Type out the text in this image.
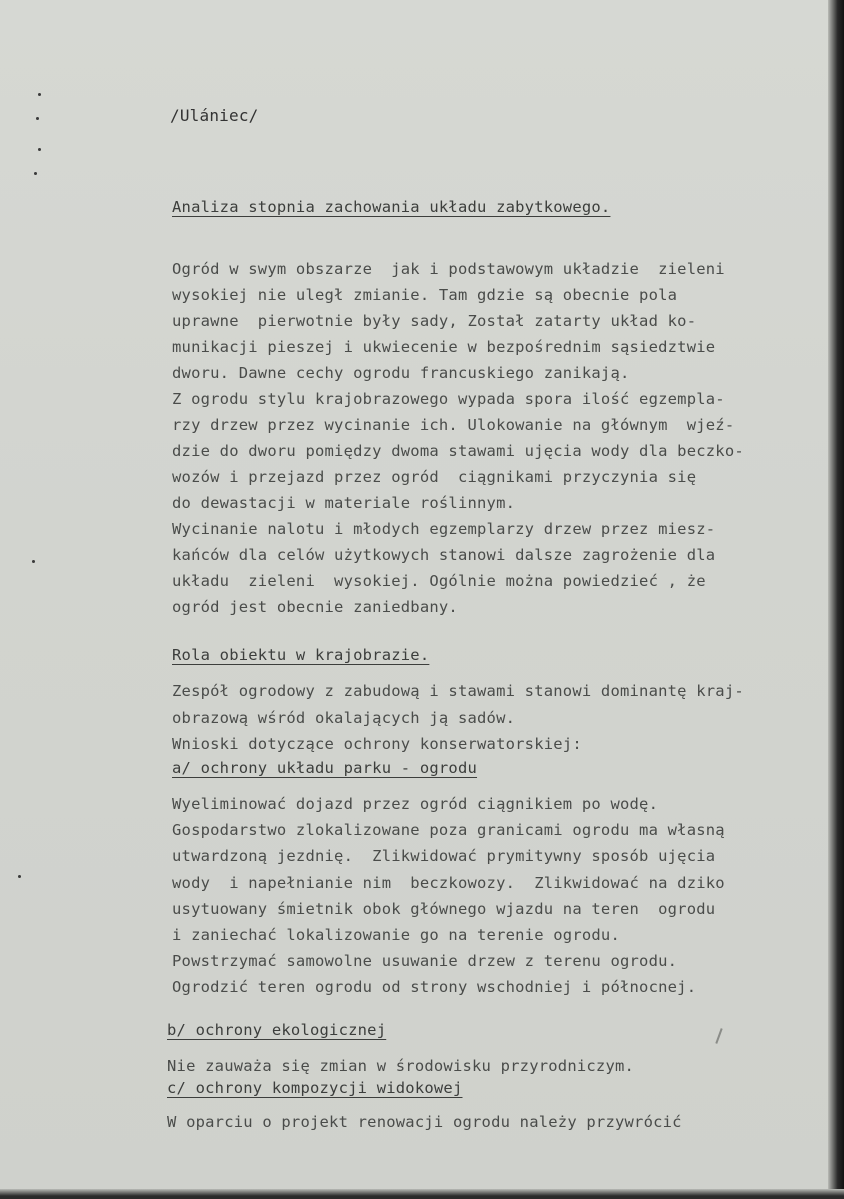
/Ulániec/
Analiza stopnia zachowania układu zabytkowego.
Ogród w swym obszarze  jak i podstawowym układzie  zieleni
wysokiej nie uległ zmianie. Tam gdzie są obecnie pola
uprawne  pierwotnie były sady, Został zatarty układ ko-
munikacji pieszej i ukwiecenie w bezpośrednim sąsiedztwie
dworu. Dawne cechy ogrodu francuskiego zanikają.
Z ogrodu stylu krajobrazowego wypada spora ilość egzempla-
rzy drzew przez wycinanie ich. Ulokowanie na głównym  wjeź-
dzie do dworu pomiędzy dwoma stawami ujęcia wody dla beczko-
wozów i przejazd przez ogród  ciągnikami przyczynia się
do dewastacji w materiale roślinnym.
Wycinanie nalotu i młodych egzemplarzy drzew przez miesz-
kańców dla celów użytkowych stanowi dalsze zagrożenie dla
układu  zieleni  wysokiej. Ogólnie można powiedzieć , że
ogród jest obecnie zaniedbany.
Rola obiektu w krajobrazie.
Zespół ogrodowy z zabudową i stawami stanowi dominantę kraj-
obrazową wśród okalających ją sadów.
Wnioski dotyczące ochrony konserwatorskiej:
a/ ochrony układu parku - ogrodu
Wyeliminować dojazd przez ogród ciągnikiem po wodę.
Gospodarstwo zlokalizowane poza granicami ogrodu ma własną
utwardzoną jezdnię.  Zlikwidować prymitywny sposób ujęcia
wody  i napełnianie nim  beczkowozy.  Zlikwidować na dziko
usytuowany śmietnik obok głównego wjazdu na teren  ogrodu
i zaniechać lokalizowanie go na terenie ogrodu.
Powstrzymać samowolne usuwanie drzew z terenu ogrodu.
Ogrodzić teren ogrodu od strony wschodniej i północnej.
b/ ochrony ekologicznej
Nie zauważa się zmian w środowisku przyrodniczym.
c/ ochrony kompozycji widokowej
W oparciu o projekt renowacji ogrodu należy przywrócić
